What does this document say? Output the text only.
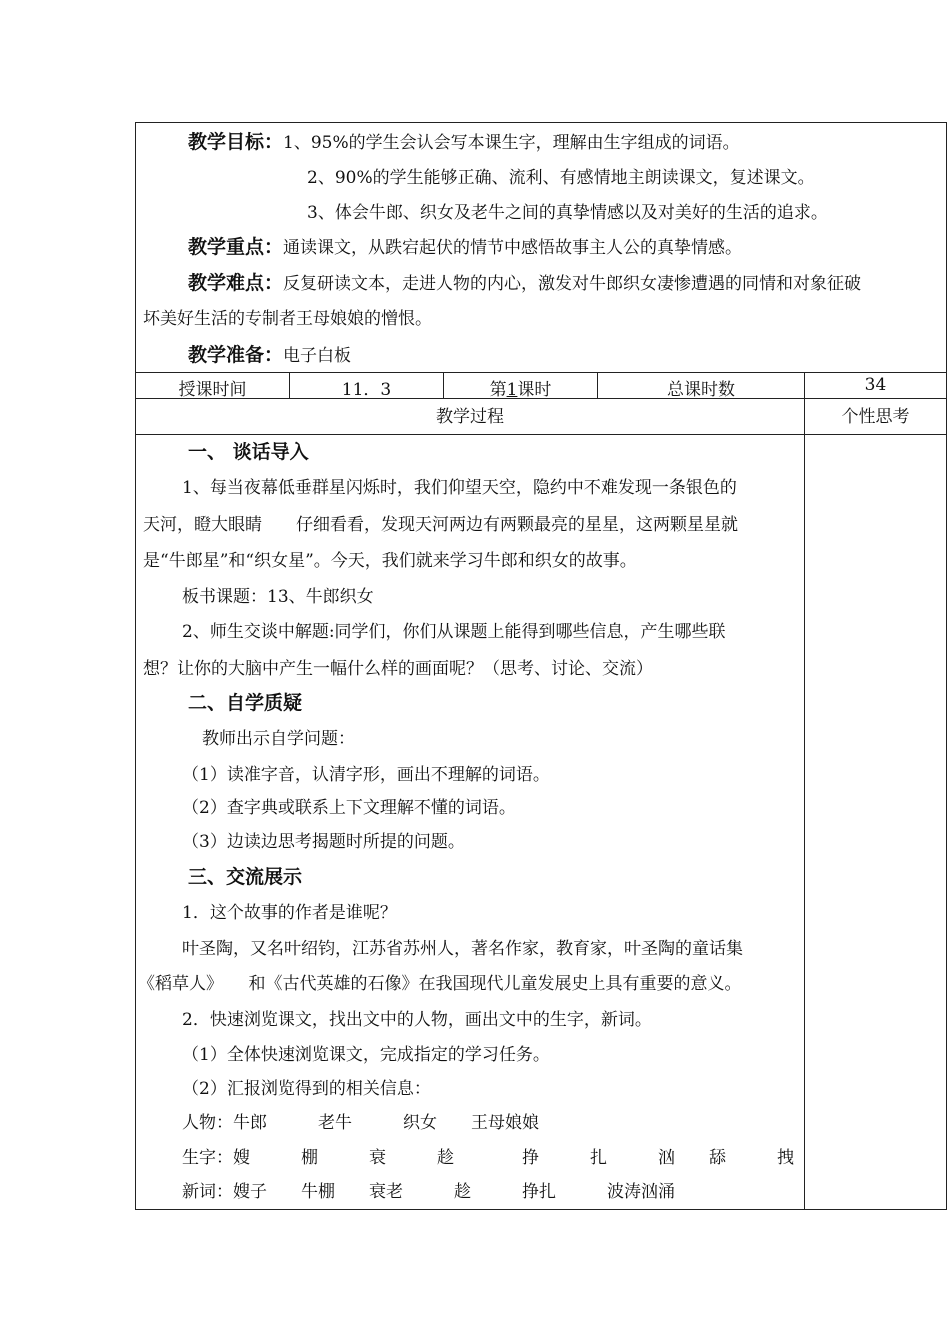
教学目标：1、95%的学生会认会写本课生字，理解由生字组成的词语。
2、90%的学生能够正确、流利、有感情地主朗读课文，复述课文。
3、体会牛郎、织女及老牛之间的真挚情感以及对美好的生活的追求。
教学重点：通读课文，从跌宕起伏的情节中感悟故事主人公的真挚情感。
教学难点：反复研读文本，走进人物的内心，激发对牛郎织女凄惨遭遇的同情和对象征破
坏美好生活的专制者王母娘娘的憎恨。
教学准备：电子白板
授课时间	11．3	第1课时	总课时数	34
教学过程	个性思考
一、 谈话导入
1、每当夜幕低垂群星闪烁时，我们仰望天空，隐约中不难发现一条银色的
天河，瞪大眼睛　　仔细看看，发现天河两边有两颗最亮的星星，这两颗星星就
是“牛郎星”和“织女星”。今天，我们就来学习牛郎和织女的故事。
板书课题：13、牛郎织女
2、师生交谈中解题:同学们，你们从课题上能得到哪些信息，产生哪些联
想？让你的大脑中产生一幅什么样的画面呢？（思考、讨论、交流）
二、自学质疑
教师出示自学问题：
（1）读准字音，认清字形，画出不理解的词语。
（2）查字典或联系上下文理解不懂的词语。
（3）边读边思考揭题时所提的问题。
三、交流展示
1．这个故事的作者是谁呢？
叶圣陶，又名叶绍钧，江苏省苏州人，著名作家，教育家，叶圣陶的童话集
《稻草人》　　和《古代英雄的石像》在我国现代儿童发展史上具有重要的意义。
2．快速浏览课文，找出文中的人物，画出文中的生字，新词。
（1）全体快速浏览课文，完成指定的学习任务。
（2）汇报浏览得到的相关信息：
人物：牛郎　　　老牛　　　织女　　王母娘娘
生字：嫂　　　棚　　　衰　　　趁　　　　挣　　　扎　　　汹　　舔　　　拽
新词：嫂子　　牛棚　　衰老　　　趁　　　挣扎　　　波涛汹涌
